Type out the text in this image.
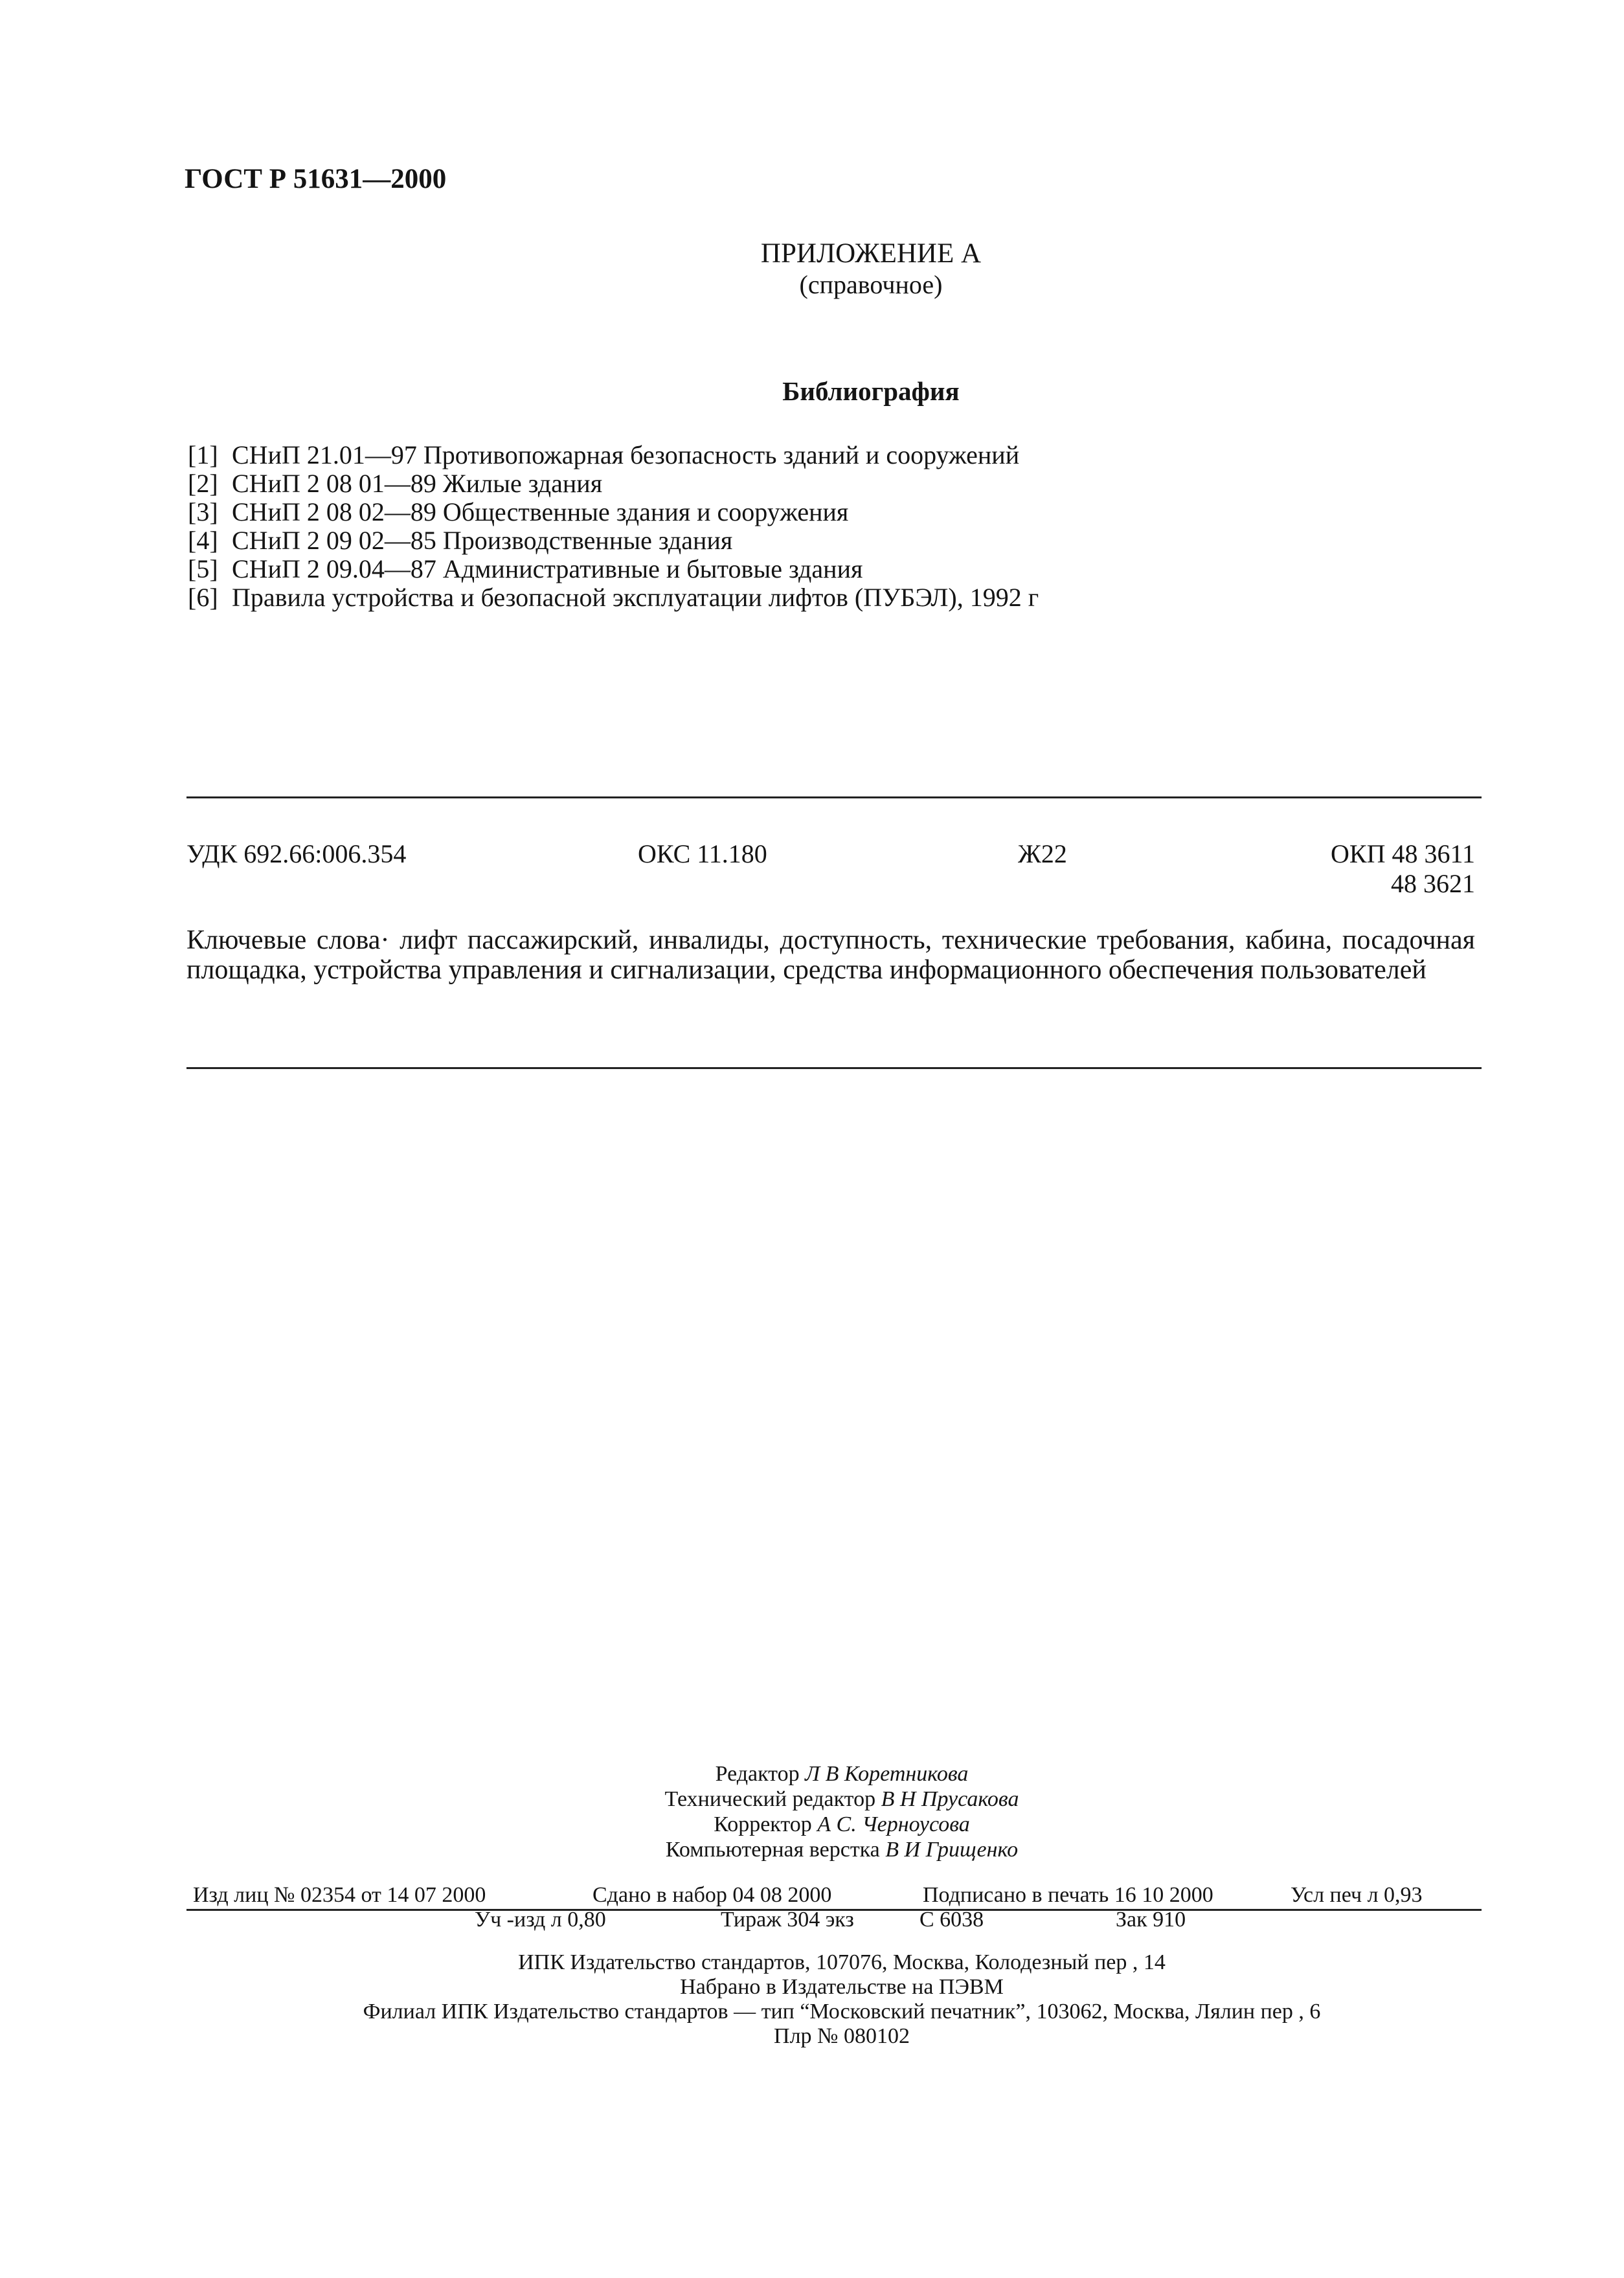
ГОСТ Р 51631—2000
ПРИЛОЖЕНИЕ А
(справочное)
Библиография
[1] СНиП 21.01—97 Противопожарная безопасность зданий и сооружений
[2] СНиП 2 08 01—89 Жилые здания
[3] СНиП 2 08 02—89 Общественные здания и сооружения
[4] СНиП 2 09 02—85 Производственные здания
[5] СНиП 2 09.04—87 Административные и бытовые здания
[6] Правила устройства и безопасной эксплуатации лифтов (ПУБЭЛ), 1992 г
УДК 692.66:006.354	ОКС 11.180	Ж22	ОКП 48 3611
48 3621
Ключевые слова· лифт пассажирский, инвалиды, доступность, технические требования, кабина, посадочная площадка, устройства управления и сигнализации, средства информационного обеспечения пользователей
Редактор Л В Коретникова
Технический редактор В Н Прусакова
Корректор А С. Черноусова
Компьютерная верстка В И Грищенко
Изд лиц № 02354 от 14 07 2000	Сдано в набор 04 08 2000	Подписано в печать 16 10 2000	Усл печ л 0,93
Уч -изд л 0,80	Тираж 304 экз	С 6038	Зак 910
ИПК Издательство стандартов, 107076, Москва, Колодезный пер , 14
Набрано в Издательстве на ПЭВМ
Филиал ИПК Издательство стандартов — тип “Московский печатник”, 103062, Москва, Лялин пер , 6
Плр № 080102
